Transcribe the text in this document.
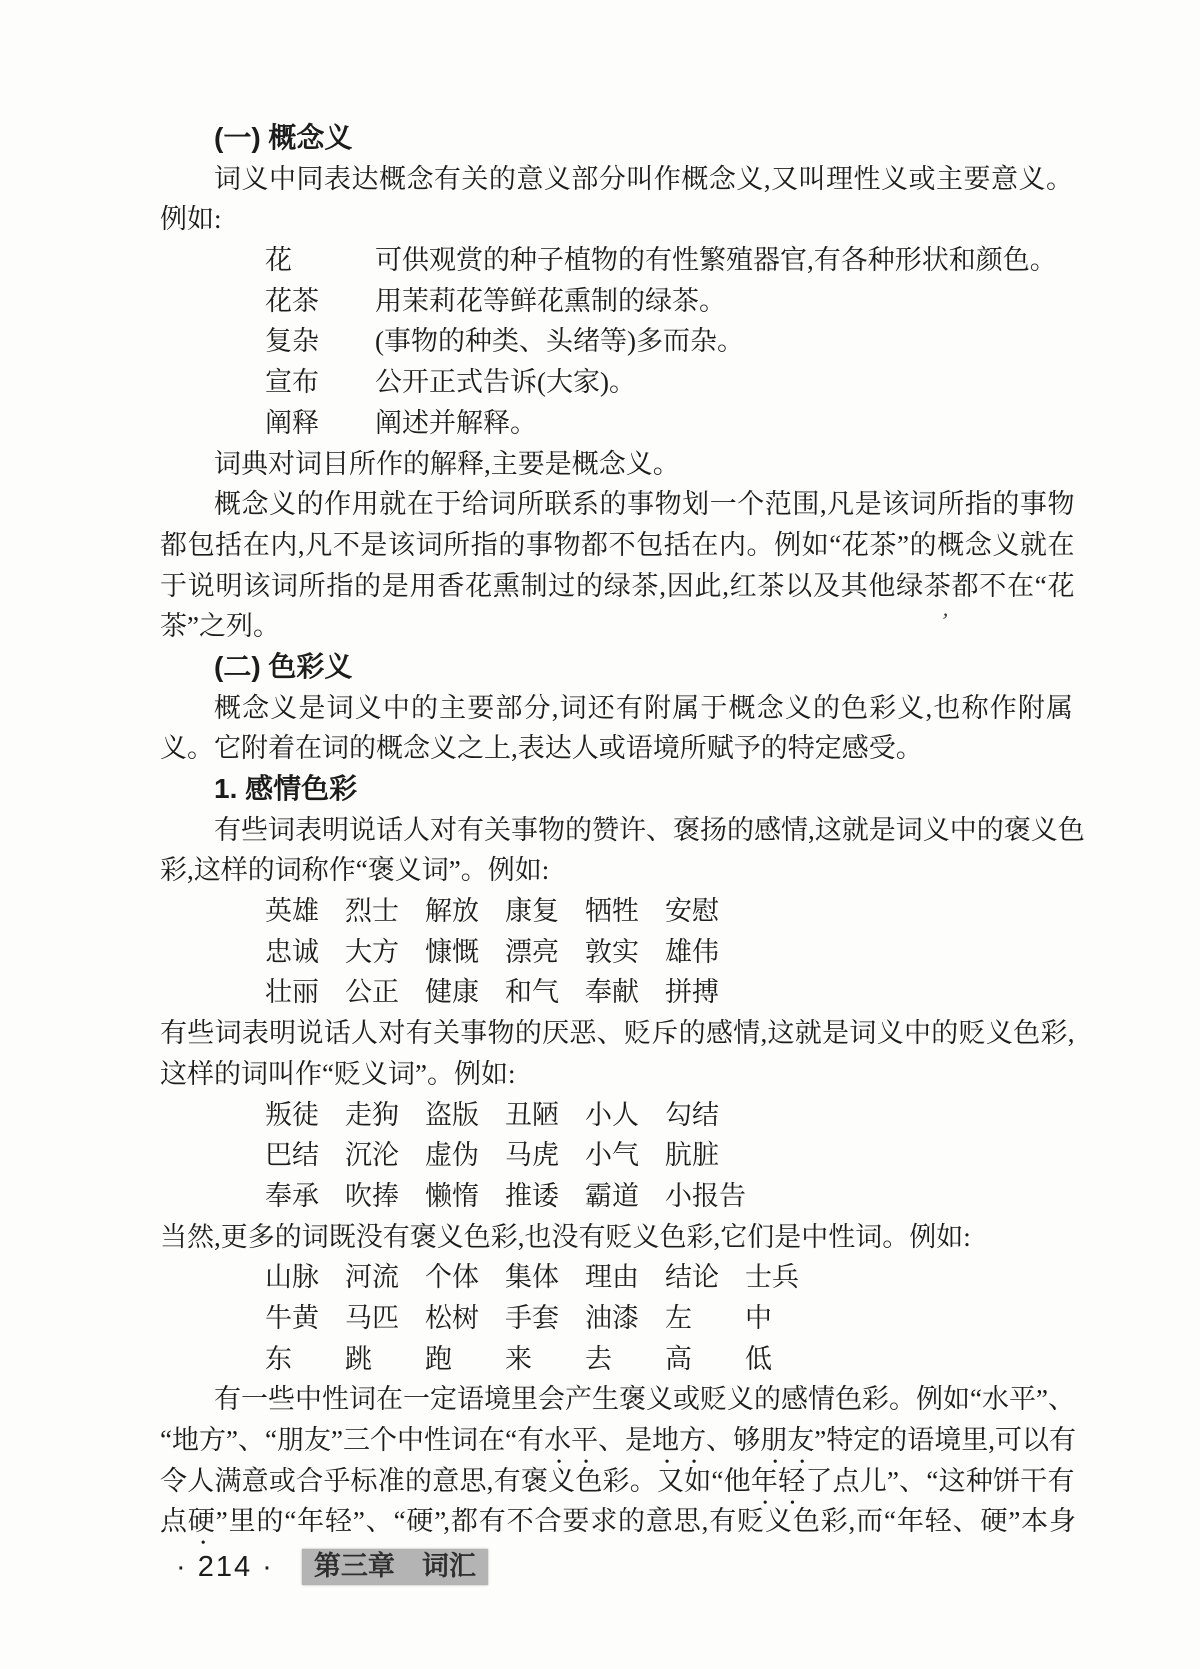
(一) 概念义
词义中同表达概念有关的意义部分叫作概念义,又叫理性义或主要意义。
例如:
花	可供观赏的种子植物的有性繁殖器官,有各种形状和颜色。
花茶 用茉莉花等鲜花熏制的绿茶。
复杂 (事物的种类、头绪等)多而杂。
宣布 公开正式告诉(大家)。
阐释 阐述并解释。
词典对词目所作的解释,主要是概念义。
概念义的作用就在于给词所联系的事物划一个范围,凡是该词所指的事物
都包括在内,凡不是该词所指的事物都不包括在内。例如“花茶”的概念义就在
于说明该词所指的是用香花熏制过的绿茶,因此,红茶以及其他绿茶都不在“花
茶”之列。
(二) 色彩义
概念义是词义中的主要部分,词还有附属于概念义的色彩义,也称作附属
义。它附着在词的概念义之上,表达人或语境所赋予的特定感受。
1. 感情色彩
有些词表明说话人对有关事物的赞许、褒扬的感情,这就是词义中的褒义色
彩,这样的词称作“褒义词”。例如:
英雄 烈士 解放 康复 牺牲 安慰
忠诚 大方 慷慨 漂亮 敦实 雄伟
壮丽 公正 健康 和气 奉献 拼搏
有些词表明说话人对有关事物的厌恶、贬斥的感情,这就是词义中的贬义色彩,
这样的词叫作“贬义词”。例如:
叛徒 走狗 盗版 丑陋 小人 勾结
巴结 沉沦 虚伪 马虎 小气 肮脏
奉承 吹捧 懒惰 推诿 霸道 小报告
当然,更多的词既没有褒义色彩,也没有贬义色彩,它们是中性词。例如:
山脉 河流 个体 集体 理由 结论 士兵
牛黄 马匹 松树 手套 油漆 左 中
东 跳 跑 来 去 高 低
有一些中性词在一定语境里会产生褒义或贬义的感情色彩。例如“水平”、
“地方”、“朋友”三个中性词在“有水平、是地方、够朋友”特定的语境里,可以有
令人满意或合乎标准的意思,有褒义色彩。又如“他年轻了点儿”、“这种饼干有
点硬”里的“年轻”、“硬”,都有不合要求的意思,有贬义色彩,而“年轻、硬”本身
· 214 ·	第三章　词汇
’
